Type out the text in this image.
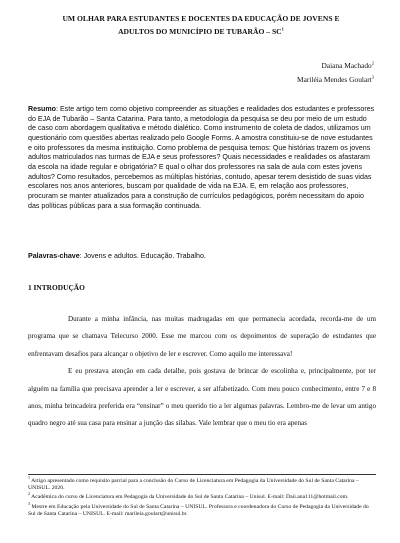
UM OLHAR PARA ESTUDANTES E DOCENTES DA EDUCAÇÃO DE JOVENS E
ADULTOS DO MUNICÍPIO DE TUBARÃO – $SC^1$
Daiana Machado$^2$
Mariléia Mendes Goulart$^3$
Resumo: Este artigo tem como objetivo compreender as situações e realidades dos estudantes e professores do EJA de Tubarão – Santa Catarina. Para tanto, a metodologia da pesquisa se deu por meio de um estudo de caso com abordagem qualitativa e método dialético. Como instrumento de coleta de dados, utilizamos um questionário com questões abertas realizado pelo Google Forms. A amostra constituiu-se de nove estudantes e oito professores da mesma instituição. Como problema de pesquisa temos: Que histórias trazem os jovens adultos matriculados nas turmas de EJA e seus professores? Quais necessidades e realidades os afastaram da escola na idade regular e obrigatória? E qual o olhar dos professores na sala de aula com estes jovens adultos? Como resultados, percebemos as múltiplas histórias, contudo, apesar terem desistido de suas vidas escolares nos anos anteriores, buscam por qualidade de vida na EJA. E, em relação aos professores, procuram se manter atualizados para a construção de currículos pedagógicos, porém necessitam do apoio das políticas públicas para a sua formação continuada.
Palavras-chave: Jovens e adultos. Educação. Trabalho.
1 INTRODUÇÃO

Durante a minha infância, nas muitas madrugadas em que permanecia acordada, recorda-me de um programa que se chamava Telecurso 2000. Esse me marcou com os depoimentos de superação de estudantes que enfrentavam desafios para alcançar o objetivo de ler e escrever. Como aquilo me interessava!

E eu prestava atenção em cada detalhe, pois gostava de brincar de escolinha e, principalmente, por ter alguém na família que precisava aprender a ler e escrever, a ser alfabetizado. Com meu pouco conhecimento, entre 7 e 8 anos, minha brincadeira preferida era “ensinar” o meu querido tio a ler algumas palavras. Lembro-me de levar um antigo quadro negro até sua casa para ensinar a junção das sílabas. Vale lembrar que o meu tio era apenas

$^1$ Artigo apresentado como requisito parcial para a conclusão do Curso de Licenciatura em Pedagogia da Universidade do Sul de Santa Catarina – UNISUL. 2020.
$^2$ Acadêmica do curso de Licenciatura em Pedagogia da Universidade do Sul de Santa Catarina – Unisul. E-mail: Daii.ana111@hotmail.com.
$^3$ Mestre em Educação pela Universidade do Sul de Santa Catarina – UNISUL. Professora e coordenadora do Curso de Pedagogia da Universidade do Sul de Santa Catarina – UNISUL. E-mail: marileia.goulart@unisul.br.
